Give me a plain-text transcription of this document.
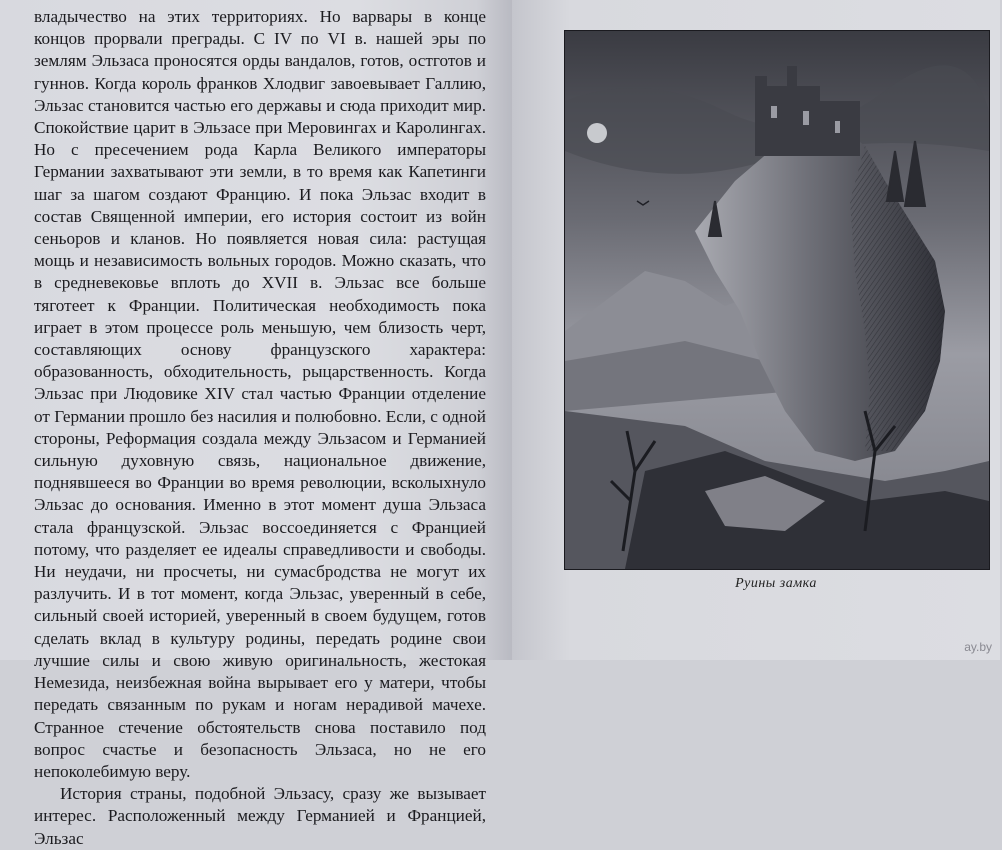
владычество на этих территориях. Но варвары в конце концов прорвали преграды. С IV по VI в. нашей эры по землям Эльзаса проносятся орды вандалов, готов, остготов и гуннов. Когда король франков Хлодвиг завоевывает Галлию, Эльзас становится частью его державы и сюда приходит мир. Спокойствие царит в Эльзасе при Меровингах и Каролингах. Но с пресечением рода Карла Великого императоры Германии захватывают эти земли, в то время как Капетинги шаг за шагом создают Францию. И пока Эльзас входит в состав Священной империи, его история состоит из войн сеньоров и кланов. Но появляется новая сила: растущая мощь и независимость вольных городов. Можно сказать, что в средневековье вплоть до XVII в. Эльзас все больше тяготеет к Франции. Политическая необходимость пока играет в этом процессе роль меньшую, чем близость черт, составляющих основу французского характера: образованность, обходительность, рыцарственность. Когда Эльзас при Людовике XIV стал частью Франции отделение от Германии прошло без насилия и полюбовно. Если, с одной стороны, Реформация создала между Эльзасом и Германией сильную духовную связь, национальное движение, поднявшееся во Франции во время революции, всколыхнуло Эльзас до основания. Именно в этот момент душа Эльзаса стала французской. Эльзас воссоединяется с Францией потому, что разделяет ее идеалы справедливости и свободы. Ни неудачи, ни просчеты, ни сумасбродства не могут их разлучить. И в тот момент, когда Эльзас, уверенный в себе, сильный своей историей, уверенный в своем будущем, готов сделать вклад в культуру родины, передать родине свои лучшие силы и свою живую оригинальность, жестокая Немезида, неизбежная война вырывает его у матери, чтобы передать связанным по рукам и ногам нерадивой мачехе. Странное стечение обстоятельств снова поставило под вопрос счастье и безопасность Эльзаса, но не его непоколебимую веру.

История страны, подобной Эльзасу, сразу же вызывает интерес. Расположенный между Германией и Францией, Эльзас

Руины замка
ay.by
